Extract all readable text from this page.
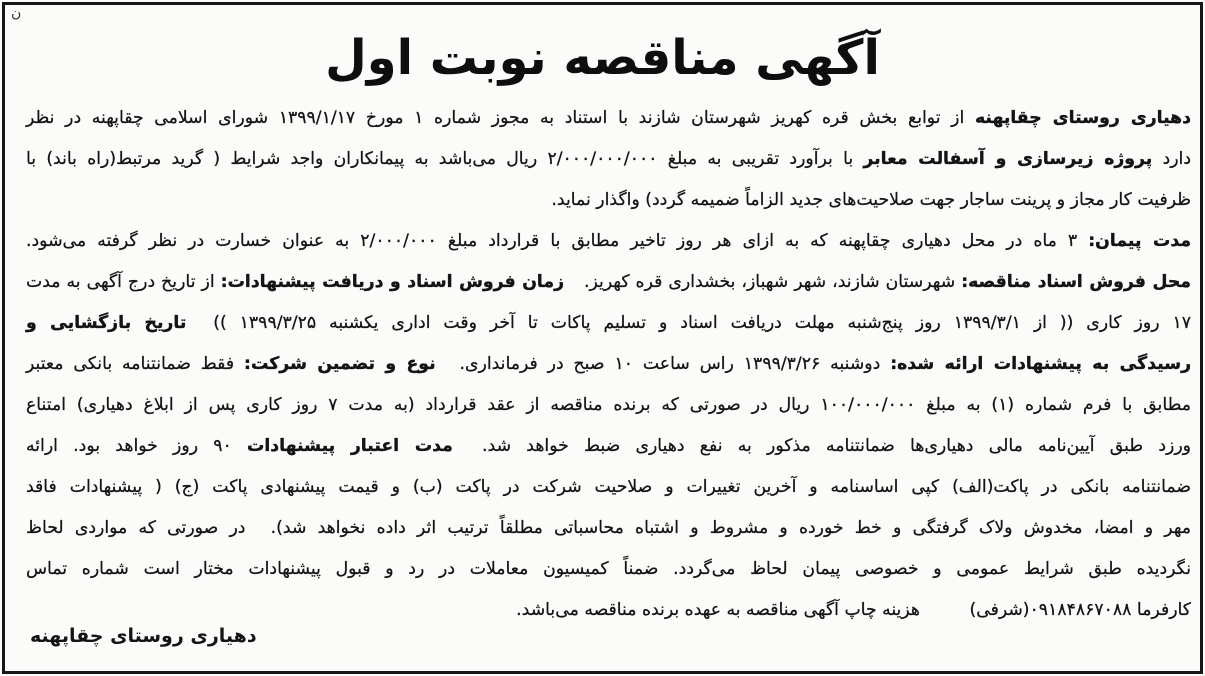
ن
آگهی مناقصه نوبت اول
دهیاری روستای چقاپهنه از توابع بخش قره کهریز شهرستان شازند با استناد به مجوز شماره ۱ مورخ ۱۳۹۹/۱/۱۷ شورای اسلامی چقاپهنه در نظر
دارد پروژه زیرسازی و آسفالت معابر با برآورد تقریبی به مبلغ ۲/۰۰۰/۰۰۰/۰۰۰ ریال می‌باشد به پیمانکاران واجد شرایط ( گرید مرتبط(راه باند) با
ظرفیت کار مجاز و پرینت ساجار جهت صلاحیت‌های جدید الزاماً ضمیمه گردد) واگذار نماید.
مدت پیمان: ۳ ماه در محل دهیاری چقاپهنه که به ازای هر روز تاخیر مطابق با قرارداد مبلغ ۲/۰۰۰/۰۰۰ به عنوان خسارت در نظر گرفته می‌شود.
محل فروش اسناد مناقصه: شهرستان شازند، شهر شهباز، بخشداری قره کهریز. زمان فروش اسناد و دریافت پیشنهادات: از تاریخ درج آگهی به مدت
۱۷ روز کاری (( از ۱۳۹۹/۳/۱ روز پنج‌شنبه مهلت دریافت اسناد و تسلیم پاکات تا آخر وقت اداری یکشنبه ۱۳۹۹/۳/۲۵ )) تاریخ بازگشایی و
رسیدگی به پیشنهادات ارائه شده: دوشنبه ۱۳۹۹/۳/۲۶ راس ساعت ۱۰ صبح در فرمانداری. نوع و تضمین شرکت: فقط ضمانتنامه بانکی معتبر
مطابق با فرم شماره (۱) به مبلغ ۱۰۰/۰۰۰/۰۰۰ ریال در صورتی که برنده مناقصه از عقد قرارداد (به مدت ۷ روز کاری پس از ابلاغ دهیاری) امتناع
ورزد طبق آیین‌نامه مالی دهیاری‌ها ضمانتنامه مذکور به نفع دهیاری ضبط خواهد شد. مدت اعتبار پیشنهادات ۹۰ روز خواهد بود. ارائه
ضمانتنامه بانکی در پاکت(الف) کپی اساسنامه و آخرین تغییرات و صلاحیت شرکت در پاکت (ب) و قیمت پیشنهادی پاکت (ج) ( پیشنهادات فاقد
مهر و امضا، مخدوش ولاک گرفتگی و خط خورده و مشروط و اشتباه محاسباتی مطلقاً ترتیب اثر داده نخواهد شد). در صورتی که مواردی لحاظ
نگردیده طبق شرایط عمومی و خصوصی پیمان لحاظ می‌گردد. ضمناً کمیسیون معاملات در رد و قبول پیشنهادات مختار است شماره تماس
کارفرما ۰۹۱۸۴۸۶۷۰۸۸(شرفی) هزینه چاپ آگهی مناقصه به عهده برنده مناقصه می‌باشد.
دهیاری روستای چقاپهنه
